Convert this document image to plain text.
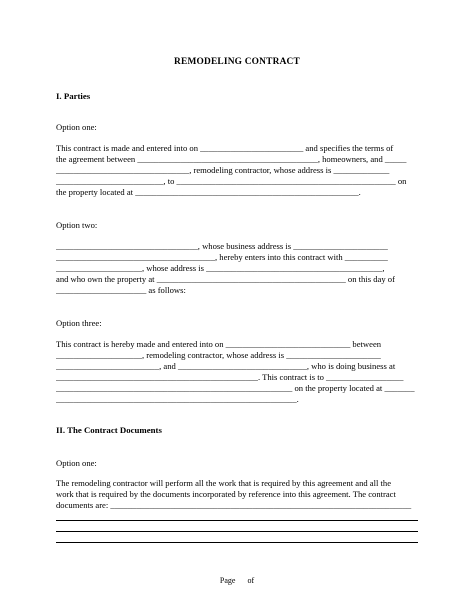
REMODELING CONTRACT
I. Parties
Option one:
This contract is made and entered into on ________________________ and specifies the terms of
the agreement between __________________________________________, homeowners, and _____
_______________________________, remodeling contractor, whose address is _____________
_________________________, to ___________________________________________________ on
the property located at ____________________________________________________.
Option two:
_________________________________, whose business address is ______________________
_____________________________________, hereby enters into this contract with __________
____________________, whose address is _________________________________________,
and who own the property at ____________________________________________ on this day of
_____________________ as follows:
Option three:
This contract is hereby made and entered into on _____________________________ between
____________________, remodeling contractor, whose address is ______________________
________________________, and ______________________________, who is doing business at
_______________________________________________. This contract is to __________________
_______________________________________________________ on the property located at _______
________________________________________________________.
II. The Contract Documents
Option one:
The remodeling contractor will perform all the work that is required by this agreement and all the
work that is required by the documents incorporated by reference into this agreement. The contract
documents are: ______________________________________________________________________
Page      of
